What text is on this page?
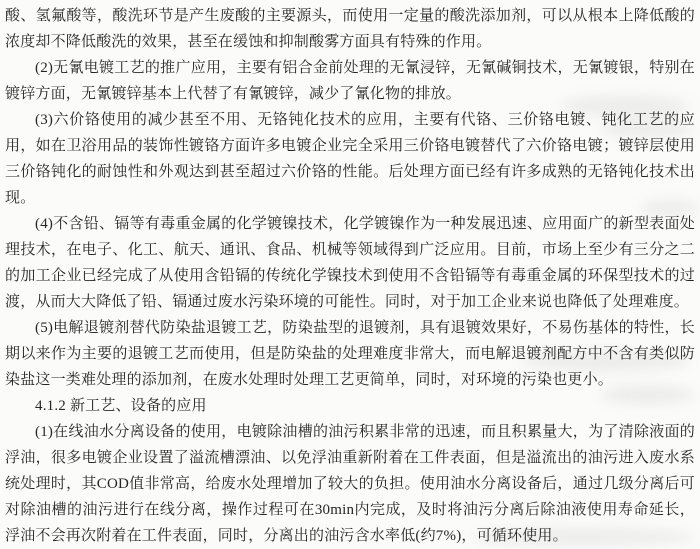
酸、氢氟酸等，酸洗环节是产生废酸的主要源头，而使用一定量的酸洗添加剂，可以从根本上降低酸的浓度却不降低酸洗的效果，甚至在缓蚀和抑制酸雾方面具有特殊的作用。

(2)无氰电镀工艺的推广应用，主要有铝合金前处理的无氰浸锌，无氰碱铜技术，无氰镀银，特别在镀锌方面，无氰镀锌基本上代替了有氰镀锌，减少了氰化物的排放。

(3)六价铬使用的减少甚至不用、无铬钝化技术的应用，主要有代铬、三价铬电镀、钝化工艺的应用，如在卫浴用品的装饰性镀铬方面许多电镀企业完全采用三价铬电镀替代了六价铬电镀；镀锌层使用三价铬钝化的耐蚀性和外观达到甚至超过六价铬的性能。后处理方面已经有许多成熟的无铬钝化技术出现。

(4)不含铅、镉等有毒重金属的化学镀镍技术，化学镀镍作为一种发展迅速、应用面广的新型表面处理技术，在电子、化工、航天、通讯、食品、机械等领域得到广泛应用。目前，市场上至少有三分之二的加工企业已经完成了从使用含铅镉的传统化学镍技术到使用不含铅镉等有毒重金属的环保型技术的过渡，从而大大降低了铅、镉通过废水污染环境的可能性。同时，对于加工企业来说也降低了处理难度。

(5)电解退镀剂替代防染盐退镀工艺，防染盐型的退镀剂，具有退镀效果好，不易伤基体的特性，长期以来作为主要的退镀工艺而使用，但是防染盐的处理难度非常大，而电解退镀剂配方中不含有类似防染盐这一类难处理的添加剂，在废水处理时处理工艺更简单，同时，对环境的污染也更小。

4.1.2 新工艺、设备的应用

(1)在线油水分离设备的使用，电镀除油槽的油污积累非常的迅速，而且积累量大，为了清除液面的浮油，很多电镀企业设置了溢流槽漂油、以免浮油重新附着在工件表面，但是溢流出的油污进入废水系统处理时，其COD值非常高，给废水处理增加了较大的负担。使用油水分离设备后，通过几级分离后可对除油槽的油污进行在线分离，操作过程可在30min内完成，及时将油污分离后除油液使用寿命延长，浮油不会再次附着在工件表面，同时，分离出的油污含水率低(约7%)，可循环使用。
